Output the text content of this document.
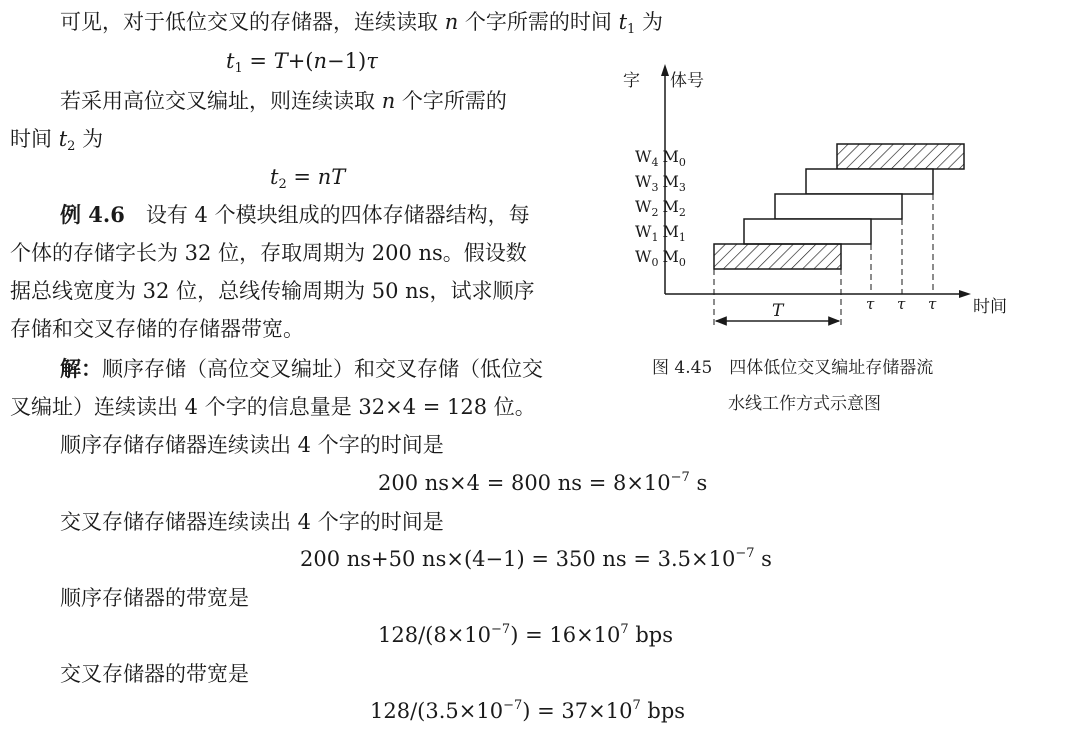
可见，对于低位交叉的存储器，连续读取 n 个字所需的时间 $t_1$ 为
$t_1 = T+(n-1)\tau$
若采用高位交叉编址，则连续读取 n 个字所需的
时间 $t_2$ 为
$t_2$ = nT
例 4.6　 设有 4 个模块组成的四体存储器结构，每
个体的存储字长为 32 位，存取周期为 200 ns。假设数
据总线宽度为 32 位，总线传输周期为 50 ns，试求顺序
存储和交叉存储的存储器带宽。
解：顺序存储（高位交叉编址）和交叉存储（低位交
叉编址）连续读出 4 个字的信息量是 32×4 = 128 位。
顺序存储存储器连续读出 4 个字的时间是
200 ns×4 = 800 ns = $8\times 10^{-7}$ s
交叉存储存储器连续读出 4 个字的时间是
200 ns+50 ns×(4−1) = 350 ns = $3.5\times 10^{-7}$ s
顺序存储器的带宽是
$128/(8\times 10^{-7}) = 16\times 10^7$ bps
交叉存储器的带宽是
$128/(3.5\times 10^{-7}) = 37\times 10^7$ bps
字 体号
时间
τ τ τ
T
$W_4$ $M_0$
$W_3$ $M_3$
$W_2$ $M_2$
$W_1$ $M_1$
$W_0$ $M_0$
图 4.45　四体低位交叉编址存储器流
水线工作方式示意图
